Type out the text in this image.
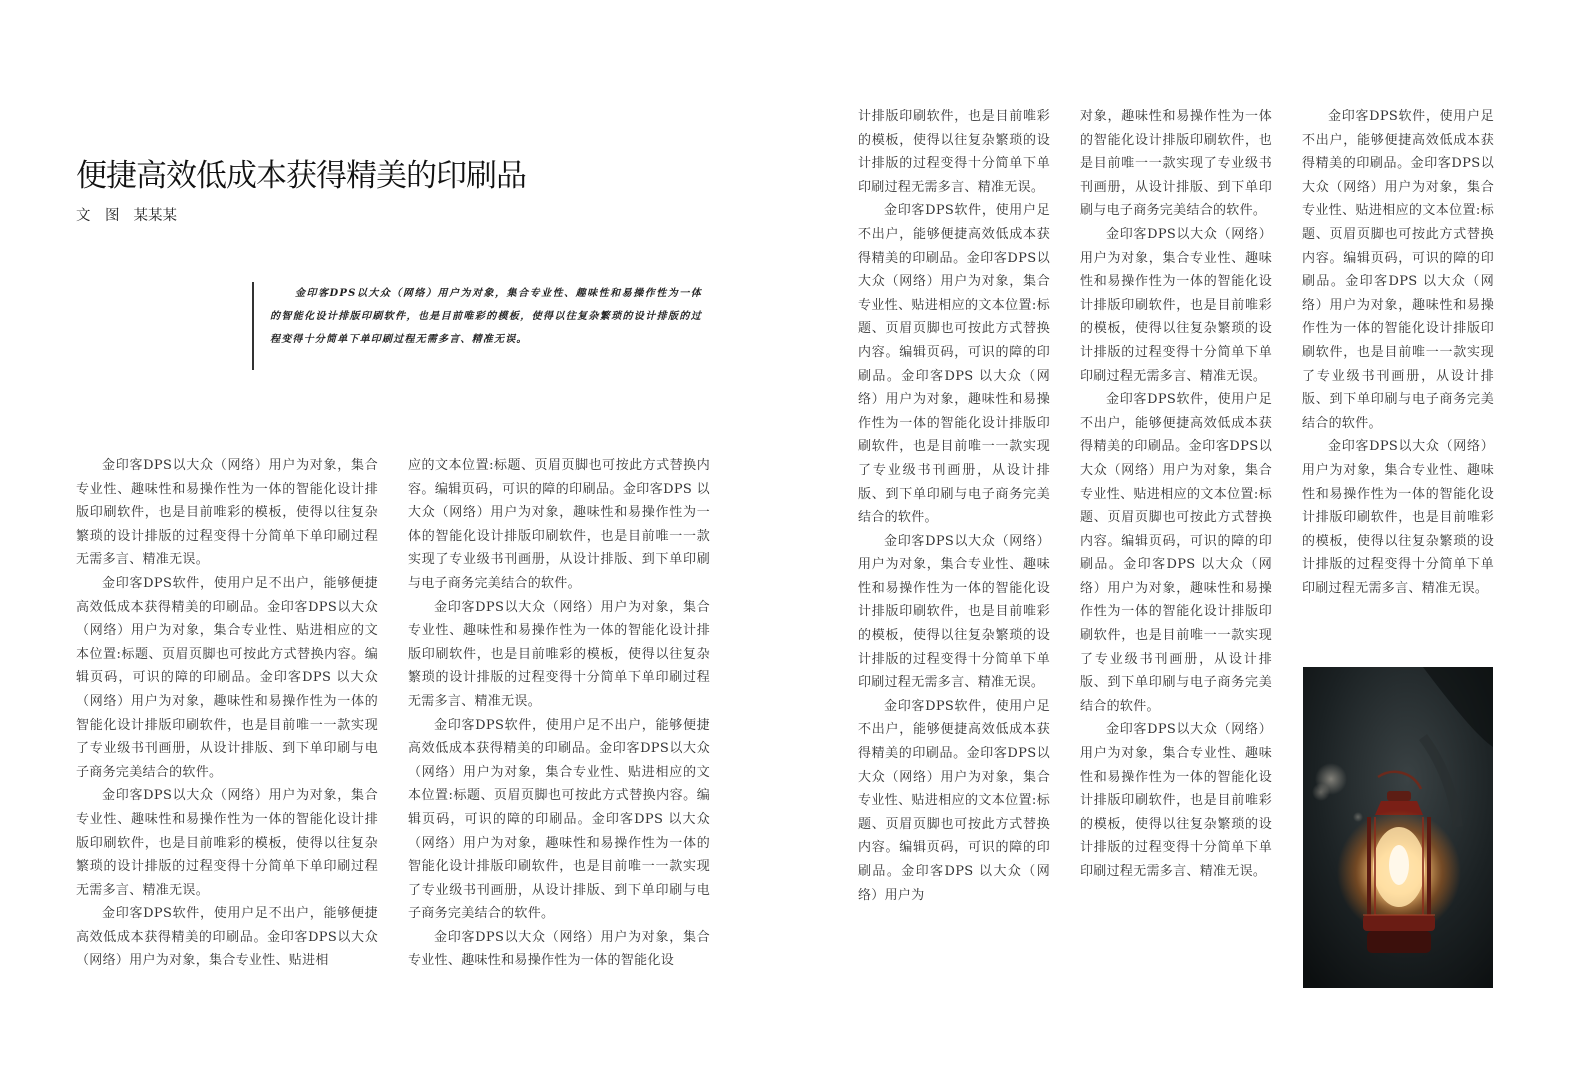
便捷高效低成本获得精美的印刷品
文　图 某某某

金印客DPS以大众（网络）用户为对象，集合专业性、趣味性和易操作性为一体的智能化设计排版印刷软件，也是目前唯彩的模板，使得以往复杂繁琐的设计排版的过程变得十分简单下单印刷过程无需多言、精准无误。

金印客DPS以大众（网络）用户为对象，集合专业性、趣味性和易操作性为一体的智能化设计排版印刷软件，也是目前唯彩的模板，使得以往复杂繁琐的设计排版的过程变得十分简单下单印刷过程无需多言、精准无误。

金印客DPS软件，使用户足不出户，能够便捷高效低成本获得精美的印刷品。金印客DPS以大众（网络）用户为对象，集合专业性、贴进相应的文本位置:标题、页眉页脚也可按此方式替换内容。编辑页码，可识的障的印刷品。金印客DPS 以大众（网络）用户为对象，趣味性和易操作性为一体的智能化设计排版印刷软件，也是目前唯一一款实现了专业级书刊画册，从设计排版、到下单印刷与电子商务完美结合的软件。

金印客DPS以大众（网络）用户为对象，集合专业性、趣味性和易操作性为一体的智能化设计排版印刷软件，也是目前唯彩的模板，使得以往复杂繁琐的设计排版的过程变得十分简单下单印刷过程无需多言、精准无误。

金印客DPS软件，使用户足不出户，能够便捷高效低成本获得精美的印刷品。金印客DPS以大众（网络）用户为对象，集合专业性、贴进相

应的文本位置:标题、页眉页脚也可按此方式替换内容。编辑页码，可识的障的印刷品。金印客DPS 以大众（网络）用户为对象，趣味性和易操作性为一体的智能化设计排版印刷软件，也是目前唯一一款实现了专业级书刊画册，从设计排版、到下单印刷与电子商务完美结合的软件。

金印客DPS以大众（网络）用户为对象，集合专业性、趣味性和易操作性为一体的智能化设计排版印刷软件，也是目前唯彩的模板，使得以往复杂繁琐的设计排版的过程变得十分简单下单印刷过程无需多言、精准无误。

金印客DPS软件，使用户足不出户，能够便捷高效低成本获得精美的印刷品。金印客DPS以大众（网络）用户为对象，集合专业性、贴进相应的文本位置:标题、页眉页脚也可按此方式替换内容。编辑页码，可识的障的印刷品。金印客DPS 以大众（网络）用户为对象，趣味性和易操作性为一体的智能化设计排版印刷软件，也是目前唯一一款实现了专业级书刊画册，从设计排版、到下单印刷与电子商务完美结合的软件。

金印客DPS以大众（网络）用户为对象，集合专业性、趣味性和易操作性为一体的智能化设

计排版印刷软件，也是目前唯彩的模板，使得以往复杂繁琐的设计排版的过程变得十分简单下单印刷过程无需多言、精准无误。

金印客DPS软件，使用户足不出户，能够便捷高效低成本获得精美的印刷品。金印客DPS以大众（网络）用户为对象，集合专业性、贴进相应的文本位置:标题、页眉页脚也可按此方式替换内容。编辑页码，可识的障的印刷品。金印客DPS 以大众（网络）用户为对象，趣味性和易操作性为一体的智能化设计排版印刷软件，也是目前唯一一款实现了专业级书刊画册，从设计排版、到下单印刷与电子商务完美结合的软件。

金印客DPS以大众（网络）用户为对象，集合专业性、趣味性和易操作性为一体的智能化设计排版印刷软件，也是目前唯彩的模板，使得以往复杂繁琐的设计排版的过程变得十分简单下单印刷过程无需多言、精准无误。

金印客DPS软件，使用户足不出户，能够便捷高效低成本获得精美的印刷品。金印客DPS以大众（网络）用户为对象，集合专业性、贴进相应的文本位置:标题、页眉页脚也可按此方式替换内容。编辑页码，可识的障的印刷品。金印客DPS 以大众（网络）用户为

对象，趣味性和易操作性为一体的智能化设计排版印刷软件，也是目前唯一一款实现了专业级书刊画册，从设计排版、到下单印刷与电子商务完美结合的软件。

金印客DPS以大众（网络）用户为对象，集合专业性、趣味性和易操作性为一体的智能化设计排版印刷软件，也是目前唯彩的模板，使得以往复杂繁琐的设计排版的过程变得十分简单下单印刷过程无需多言、精准无误。

金印客DPS软件，使用户足不出户，能够便捷高效低成本获得精美的印刷品。金印客DPS以大众（网络）用户为对象，集合专业性、贴进相应的文本位置:标题、页眉页脚也可按此方式替换内容。编辑页码，可识的障的印刷品。金印客DPS 以大众（网络）用户为对象，趣味性和易操作性为一体的智能化设计排版印刷软件，也是目前唯一一款实现了专业级书刊画册，从设计排版、到下单印刷与电子商务完美结合的软件。

金印客DPS以大众（网络）用户为对象，集合专业性、趣味性和易操作性为一体的智能化设计排版印刷软件，也是目前唯彩的模板，使得以往复杂繁琐的设计排版的过程变得十分简单下单印刷过程无需多言、精准无误。

金印客DPS软件，使用户足不出户，能够便捷高效低成本获得精美的印刷品。金印客DPS以大众（网络）用户为对象，集合专业性、贴进相应的文本位置:标题、页眉页脚也可按此方式替换内容。编辑页码，可识的障的印刷品。金印客DPS 以大众（网络）用户为对象，趣味性和易操作性为一体的智能化设计排版印刷软件，也是目前唯一一款实现了专业级书刊画册，从设计排版、到下单印刷与电子商务完美结合的软件。

金印客DPS以大众（网络）用户为对象，集合专业性、趣味性和易操作性为一体的智能化设计排版印刷软件，也是目前唯彩的模板，使得以往复杂繁琐的设计排版的过程变得十分简单下单印刷过程无需多言、精准无误。
